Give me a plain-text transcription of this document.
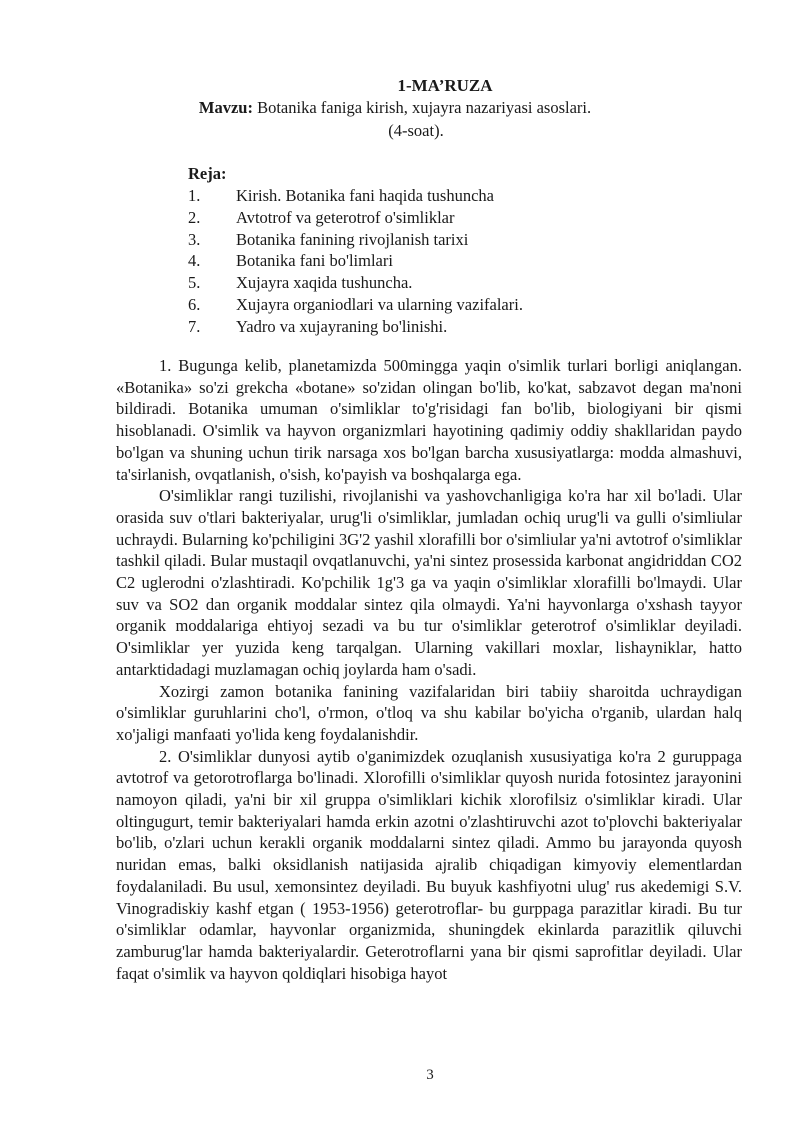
1-MA’RUZA
Mavzu: Botanika faniga kirish, xujayra nazariyasi asoslari.
(4-soat).
Reja:
1. Kirish. Botanika fani haqida tushuncha
2. Avtotrof va geterotrof o'simliklar
3. Botanika fanining rivojlanish tarixi
4. Botanika fani bo'limlari
5. Xujayra xaqida tushuncha.
6. Xujayra organiodlari va ularning vazifalari.
7. Yadro va xujayraning bo'linishi.

1. Bugunga kelib, planetamizda 500mingga yaqin o'simlik turlari borligi aniqlangan. «Botanika» so'zi grekcha «botane» so'zidan olingan bo'lib, ko'kat, sabzavot degan ma'noni bildiradi. Botanika umuman o'simliklar to'g'risidagi fan bo'lib, biologiyani bir qismi hisoblanadi. O'simlik va hayvon organizmlari hayotining qadimiy oddiy shakllaridan paydo bo'lgan va shuning uchun tirik narsaga xos bo'lgan barcha xususiyatlarga: modda almashuvi, ta'sirlanish, ovqatlanish, o'sish, ko'payish va boshqalarga ega.

O'simliklar rangi tuzilishi, rivojlanishi va yashovchanligiga ko'ra har xil bo'ladi. Ular orasida suv o'tlari bakteriyalar, urug'li o'simliklar, jumladan ochiq urug'li va gulli o'simliular uchraydi. Bularning ko'pchiligini 3G'2 yashil xlorafilli bor o'simliular ya'ni avtotrof o'simliklar tashkil qiladi. Bular mustaqil ovqatlanuvchi, ya'ni sintez prosessida karbonat angidriddan CO2 C2 uglerodni o'zlashtiradi. Ko'pchilik 1g'3 ga va yaqin o'simliklar xlorafilli bo'lmaydi. Ular suv va SO2 dan organik moddalar sintez qila olmaydi. Ya'ni hayvonlarga o'xshash tayyor organik moddalariga ehtiyoj sezadi va bu tur o'simliklar geterotrof o'simliklar deyiladi. O'simliklar yer yuzida keng tarqalgan. Ularning vakillari moxlar, lishayniklar, hatto antarktidadagi muzlamagan ochiq joylarda ham o'sadi.

Xozirgi zamon botanika fanining vazifalaridan biri tabiiy sharoitda uchraydigan o'simliklar guruhlarini cho'l, o'rmon, o'tloq va shu kabilar bo'yicha o'rganib, ulardan halq xo'jaligi manfaati yo'lida keng foydalanishdir.

2. O'simliklar dunyosi aytib o'ganimizdek ozuqlanish xususiyatiga ko'ra 2 guruppaga avtotrof va getorotroflarga bo'linadi. Xlorofilli o'simliklar quyosh nurida fotosintez jarayonini namoyon qiladi, ya'ni bir xil gruppa o'simliklari kichik xlorofilsiz o'simliklar kiradi. Ular oltingugurt, temir bakteriyalari hamda erkin azotni o'zlashtiruvchi azot to'plovchi bakteriyalar bo'lib, o'zlari uchun kerakli organik moddalarni sintez qiladi. Ammo bu jarayonda quyosh nuridan emas, balki oksidlanish natijasida ajralib chiqadigan kimyoviy elementlardan foydalaniladi. Bu usul, xemonsintez deyiladi. Bu buyuk kashfiyotni ulug' rus akedemigi S.V. Vinogradiskiy kashf etgan ( 1953-1956) geterotroflar- bu gurppaga parazitlar kiradi. Bu tur o'simliklar odamlar, hayvonlar organizmida, shuningdek ekinlarda parazitlik qiluvchi zamburug'lar hamda bakteriyalardir. Geterotroflarni yana bir qismi saprofitlar deyiladi. Ular faqat o'simlik va hayvon qoldiqlari hisobiga hayot

3
